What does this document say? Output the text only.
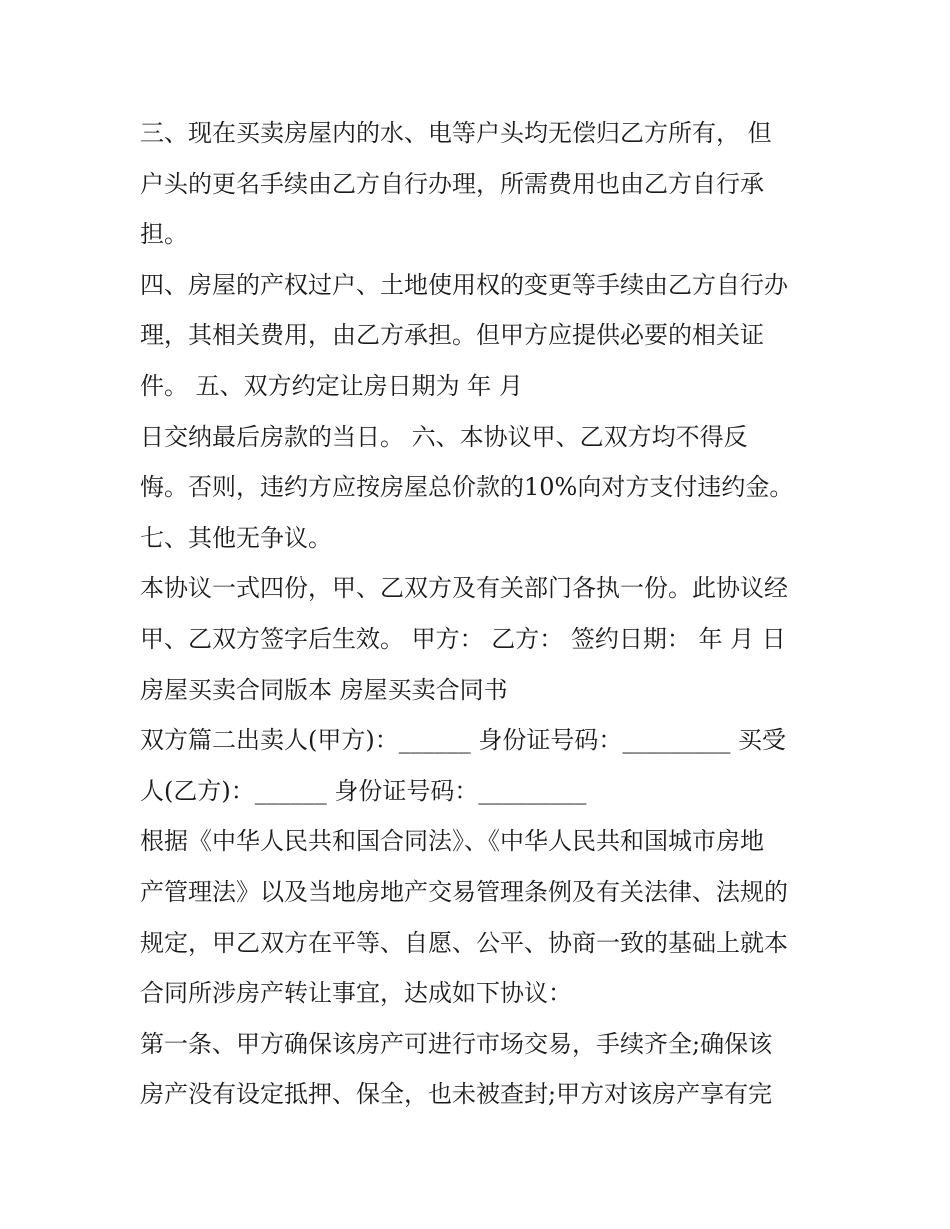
三、现在买卖房屋内的水、电等户头均无偿归乙方所有， 但
户头的更名手续由乙方自行办理，所需费用也由乙方自行承
担。
四、房屋的产权过户、土地使用权的变更等手续由乙方自行办
理，其相关费用，由乙方承担。但甲方应提供必要的相关证
件。 五、双方约定让房日期为 年 月
日交纳最后房款的当日。 六、本协议甲、乙双方均不得反
悔。否则，违约方应按房屋总价款的10%向对方支付违约金。
七、其他无争议。
本协议一式四份，甲、乙双方及有关部门各执一份。此协议经
甲、乙双方签字后生效。 甲方： 乙方： 签约日期： 年 月 日
房屋买卖合同版本 房屋买卖合同书
双方篇二出卖人(甲方)：______ 身份证号码：_________ 买受
人(乙方)：______ 身份证号码：_________
根据《中华人民共和国合同法》、《中华人民共和国城市房地
产管理法》以及当地房地产交易管理条例及有关法律、法规的
规定，甲乙双方在平等、自愿、公平、协商一致的基础上就本
合同所涉房产转让事宜，达成如下协议：
第一条、甲方确保该房产可进行市场交易，手续齐全;确保该
房产没有设定抵押、保全，也未被查封;甲方对该房产享有完
